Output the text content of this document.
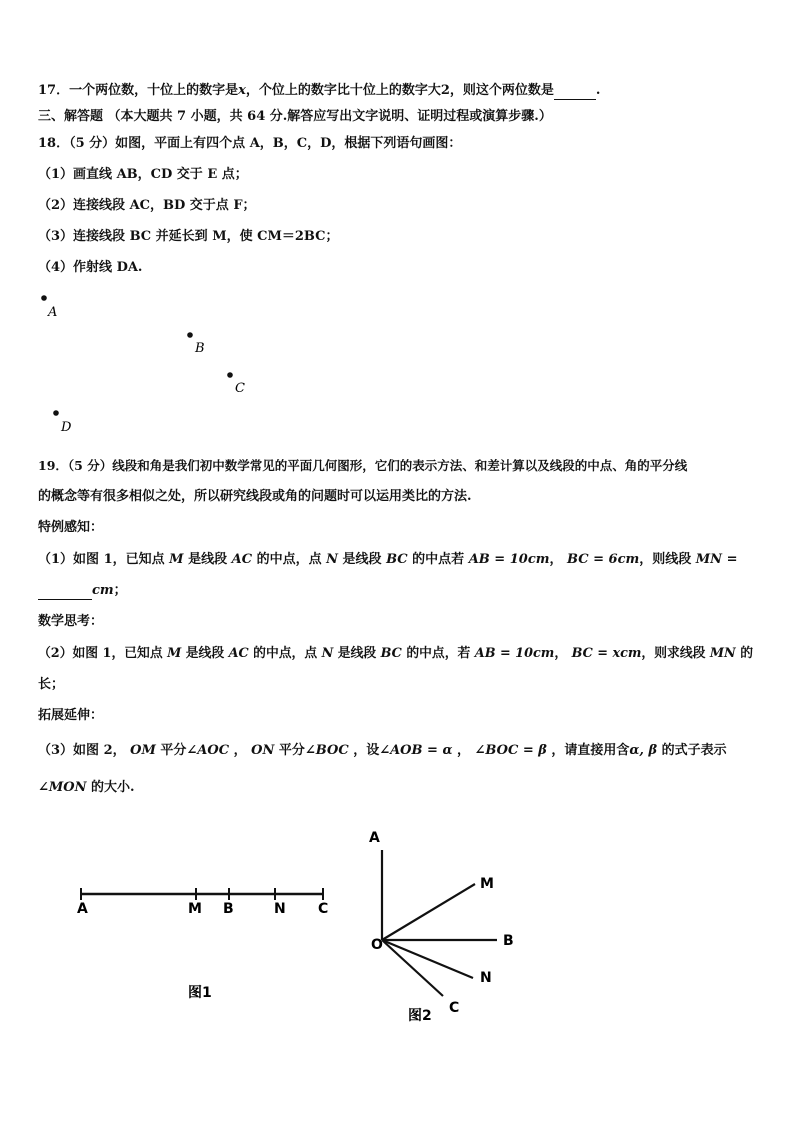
17．一个两位数，十位上的数字是x，个位上的数字比十位上的数字大2，则这个两位数是	.
三、解答题 （本大题共 7 小题，共 64 分.解答应写出文字说明、证明过程或演算步骤.）
18．（5 分）如图，平面上有四个点 A，B，C，D，根据下列语句画图：
（1）画直线 AB，CD 交于 E 点；
（2）连接线段 AC，BD 交于点 F；
（3）连接线段 BC 并延长到 M，使 CM＝2BC；
（4）作射线 DA.
A
B
C
D
19．（5 分）线段和角是我们初中数学常见的平面几何图形，它们的表示方法、和差计算以及线段的中点、角的平分线
的概念等有很多相似之处，所以研究线段或角的问题时可以运用类比的方法.
特例感知：
（1）如图 1，已知点 M 是线段 AC 的中点，点 N 是线段 BC 的中点若 AB = 10cm， BC = 6cm，则线段 MN =
cm；
数学思考：
（2）如图 1，已知点 M 是线段 AC 的中点，点 N 是线段 BC 的中点，若 AB = 10cm， BC = xcm，则求线段 MN 的
长；
拓展延伸：
（3）如图 2， OM 平分∠AOC ， ON 平分∠BOC ，设∠AOB = α ， ∠BOC = β ，请直接用含α, β 的式子表示
∠MON 的大小.
A	M B	N C
图1
A
M
O	B
N
C
图2
